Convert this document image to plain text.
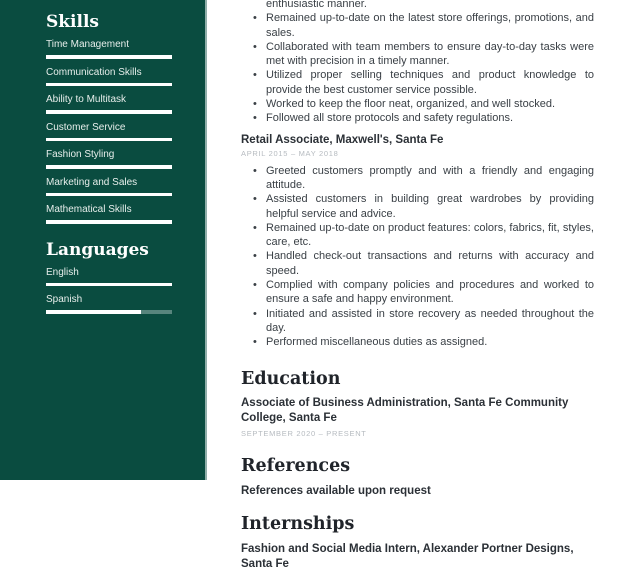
Skills
Time Management
Communication Skills
Ability to Multitask
Customer Service
Fashion Styling
Marketing and Sales
Mathematical Skills
Languages
English
Spanish
enthusiastic manner.
• Remained up-to-date on the latest store offerings, promotions, and sales.
• Collaborated with team members to ensure day-to-day tasks were met with precision in a timely manner.
• Utilized proper selling techniques and product knowledge to provide the best customer service possible.
• Worked to keep the floor neat, organized, and well stocked.
• Followed all store protocols and safety regulations.
Retail Associate, Maxwell's, Santa Fe
APRIL 2015 – MAY 2018
• Greeted customers promptly and with a friendly and engaging attitude.
• Assisted customers in building great wardrobes by providing helpful service and advice.
• Remained up-to-date on product features: colors, fabrics, fit, styles, care, etc.
• Handled check-out transactions and returns with accuracy and speed.
• Complied with company policies and procedures and worked to ensure a safe and happy environment.
• Initiated and assisted in store recovery as needed throughout the day.
• Performed miscellaneous duties as assigned.
Education
Associate of Business Administration, Santa Fe Community College, Santa Fe
SEPTEMBER 2020 – PRESENT
References
References available upon request
Internships
Fashion and Social Media Intern, Alexander Portner Designs, Santa Fe
